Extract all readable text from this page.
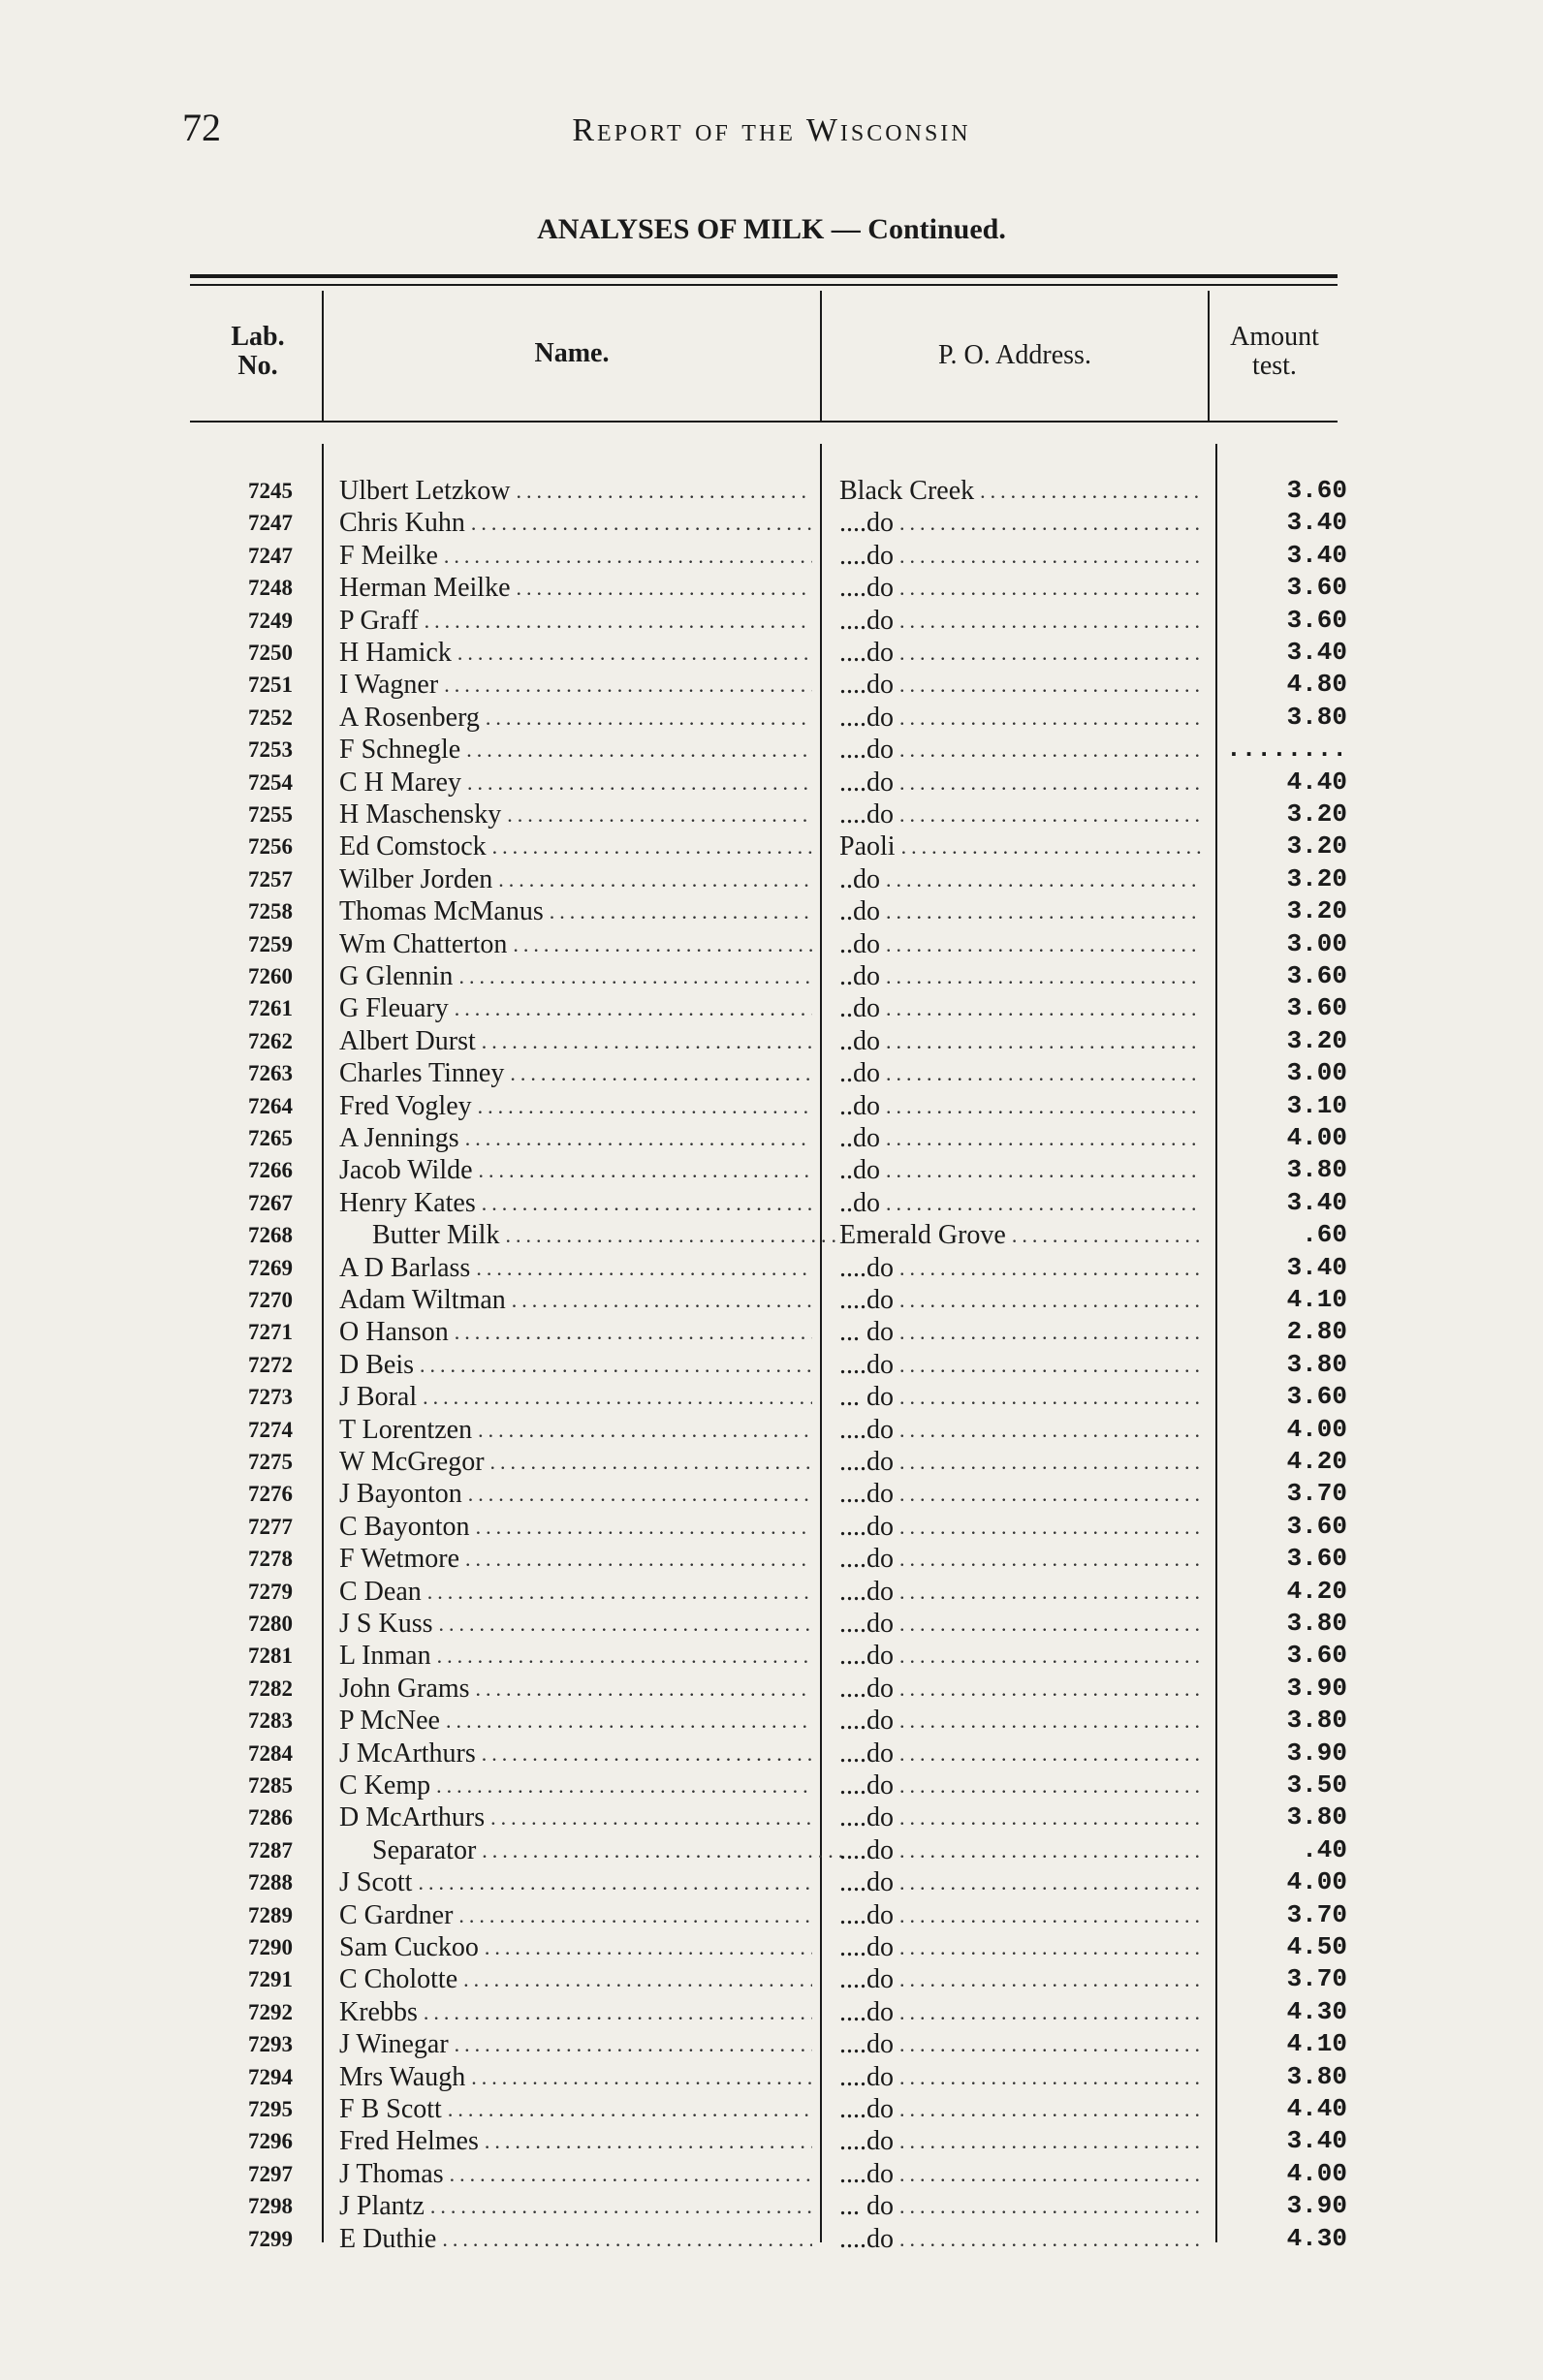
72	Report of the Wisconsin
ANALYSES OF MILK — Continued.
Lab.
No.	Name.	P. O. Address.
Amount
test.
7245 Ulbert Letzkow .....	Black Creek .....	3.60
7247 Chris Kuhn .....	....do .....	3.40
7247 F Meilke .....	....do .....	3.40
7248 Herman Meilke .....	....do .....	3.60
7249 P Graff .....	....do .....	3.60
7250 H Hamick .....	....do .....	3.40
7251 I Wagner .....	....do .....	4.80
7252 A Rosenberg .....	....do .....	3.80
7253 F Schnegle .....	....do .....	........
7254 C H Marey .....	....do .....	4.40
7255 H Maschensky .....	....do .....	3.20
7256 Ed Comstock .....	Paoli .....	3.20
7257 Wilber Jorden .....	..do .....	3.20
7258 Thomas McManus .....	..do .....	3.20
7259 Wm Chatterton .....	..do .....	3.00
7260 G Glennin .....	..do .....	3.60
7261 G Fleuary .....	..do .....	3.60
7262 Albert Durst .....	..do .....	3.20
7263 Charles Tinney .....	..do .....	3.00
7264 Fred Vogley .....	..do .....	3.10
7265 A Jennings .....	..do .....	4.00
7266 Jacob Wilde .....	..do .....	3.80
7267 Henry Kates .....	..do .....	3.40
7268	Butter Milk .....	Emerald Grove .....	.60
7269 A D Barlass .....	....do .....	3.40
7270 Adam Wiltman .....	....do .....	4.10
7271 O Hanson .....	... do .....	2.80
7272 D Beis .....	....do .....	3.80
7273 J Boral .....	... do .....	3.60
7274 T Lorentzen .....	....do .....	4.00
7275 W McGregor .....	....do .....	4.20
7276 J Bayonton .....	....do .....	3.70
7277 C Bayonton .....	....do .....	3.60
7278 F Wetmore .....	....do .....	3.60
7279 C Dean .....	....do .....	4.20
7280 J S Kuss .....	....do .....	3.80
7281 L Inman .....	....do .....	3.60
7282 John Grams .....	....do .....	3.90
7283 P McNee .....	....do .....	3.80
7284 J McArthurs .....	....do .....	3.90
7285 C Kemp .....	....do .....	3.50
7286 D McArthurs .....	....do .....	3.80
7287	Separator .....	....do .....	.40
7288 J Scott .....	....do .....	4.00
7289 C Gardner .....	....do .....	3.70
7290 Sam Cuckoo .....	....do .....	4.50
7291 C Cholotte .....	....do .....	3.70
7292 Krebbs .....	....do .....	4.30
7293 J Winegar .....	....do .....	4.10
7294 Mrs Waugh .....	....do .....	3.80
7295 F B Scott .....	....do .....	4.40
7296 Fred Helmes .....	....do .....	3.40
7297 J Thomas .....	....do .....	4.00
7298 J Plantz .....	... do .....	3.90
7299 E Duthie .....	....do .....	4.30
